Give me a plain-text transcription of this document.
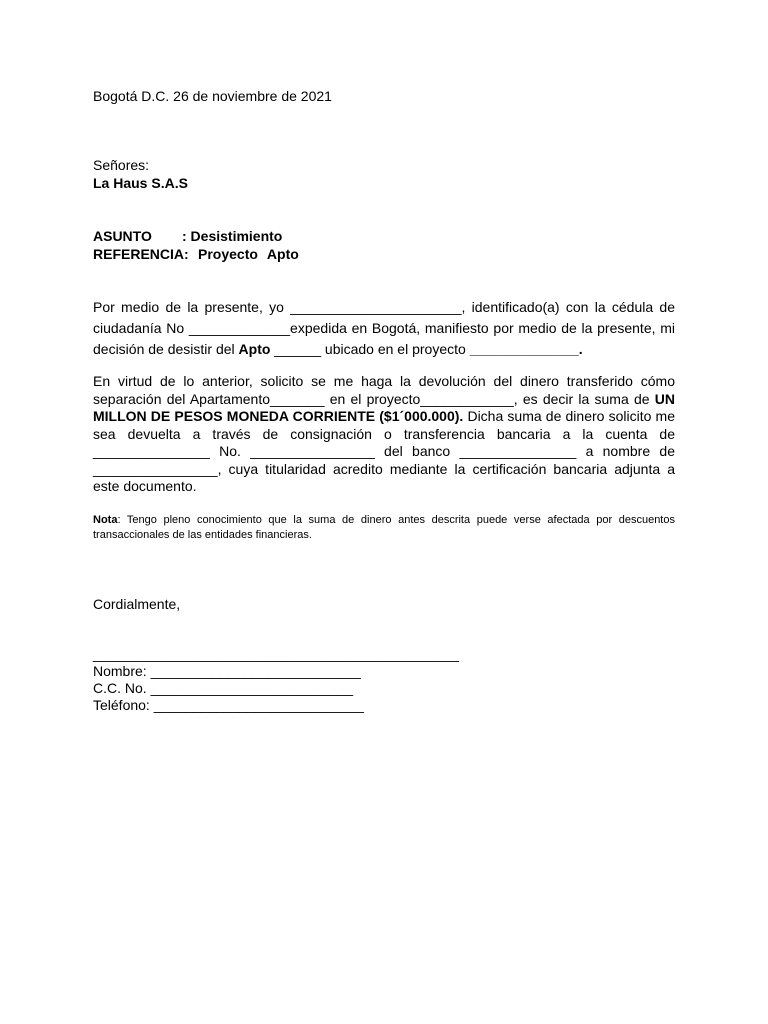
Bogotá D.C. 26 de noviembre de 2021
Señores:
La Haus S.A.S
ASUNTO : Desistimiento
REFERENCIA: Proyecto Apto
Por medio de la presente, yo ______________________, identificado(a) con la cédula de ciudadanía No _____________expedida en Bogotá, manifiesto por medio de la presente, mi decisión de desistir del Apto ______ ubicado en el proyecto ______________.
En virtud de lo anterior, solicito se me haga la devolución del dinero transferido cómo separación del Apartamento_______ en el proyecto____________, es decir la suma de UN MILLON DE PESOS MONEDA CORRIENTE ($1´000.000). Dicha suma de dinero solicito me sea devuelta a través de consignación o transferencia bancaria a la cuenta de _______________ No. ________________ del banco _______________ a nombre de ________________, cuya titularidad acredito mediante la certificación bancaria adjunta a este documento.
Nota: Tengo pleno conocimiento que la suma de dinero antes descrita puede verse afectada por descuentos transaccionales de las entidades financieras.
Cordialmente,
_______________________________________________
Nombre: ___________________________
C.C. No. __________________________
Teléfono: ___________________________
